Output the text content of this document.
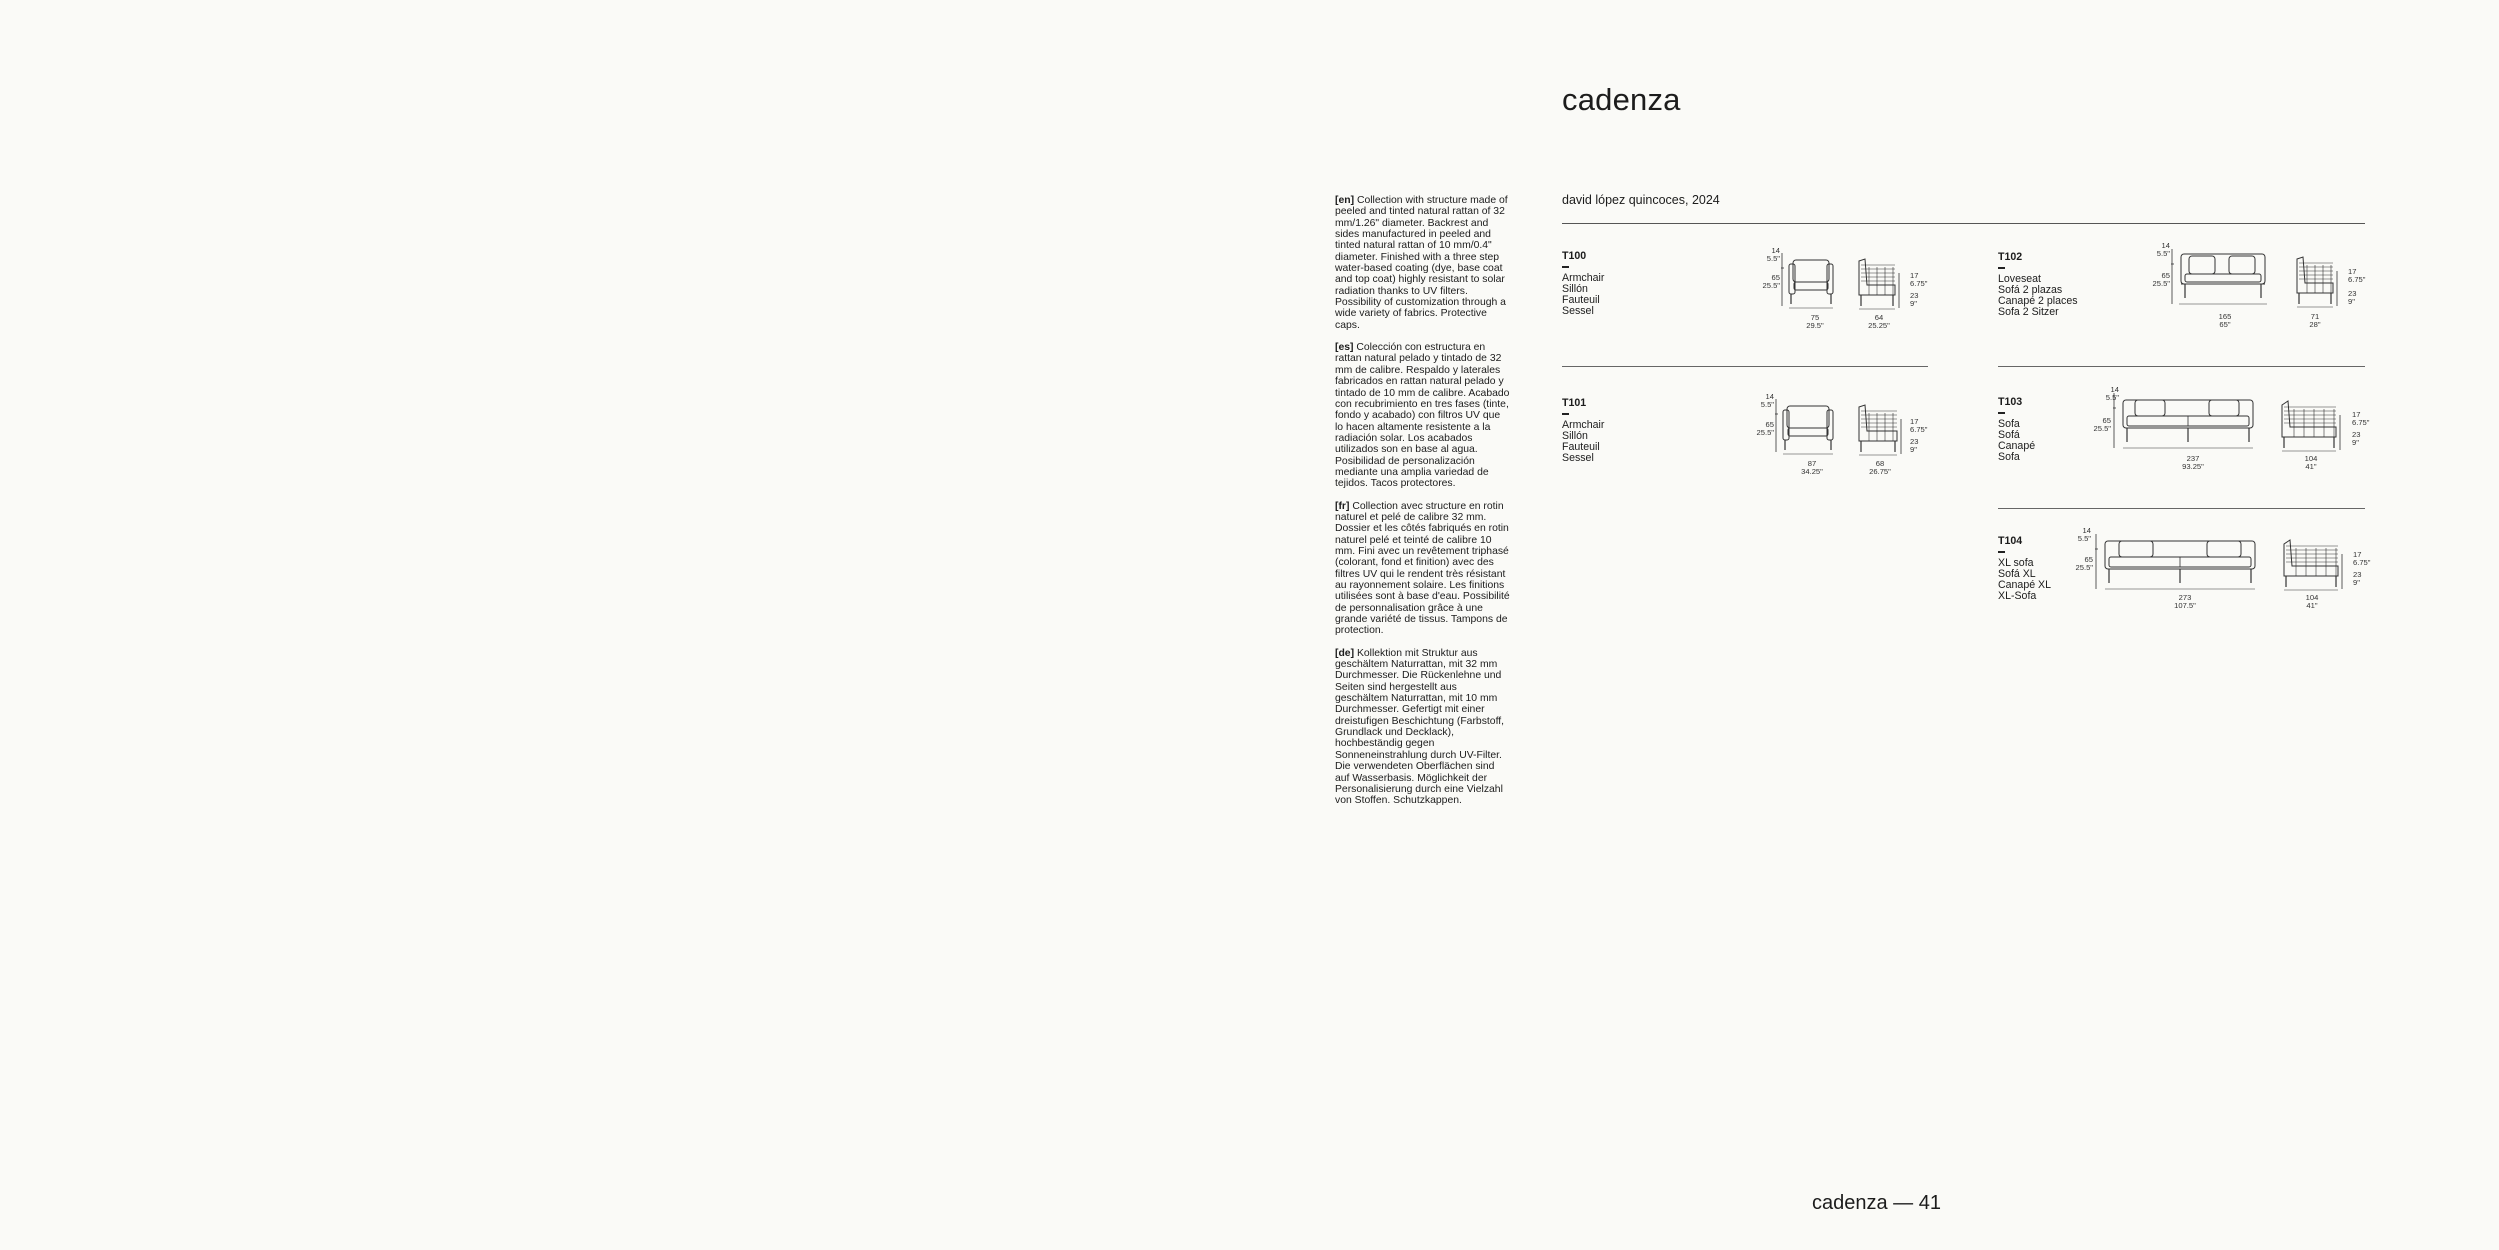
cadenza

david lópez quincoces, 2024

[en] Collection with structure made of peeled and tinted natural rattan of 32 mm/1.26" diameter. Backrest and sides manufactured in peeled and tinted natural rattan of 10 mm/0.4" diameter. Finished with a three step water-based coating (dye, base coat and top coat) highly resistant to solar radiation thanks to UV filters. Possibility of customization through a wide variety of fabrics. Protective caps.

[es] Colección con estructura en rattan natural pelado y tintado de 32 mm de calibre. Respaldo y laterales fabricados en rattan natural pelado y tintado de 10 mm de calibre. Acabado con recubrimiento en tres fases (tinte, fondo y acabado) con filtros UV que lo hacen altamente resistente a la radiación solar. Los acabados utilizados son en base al agua. Posibilidad de personalización mediante una amplia variedad de tejidos. Tacos protectores.

[fr] Collection avec structure en rotin naturel et pelé de calibre 32 mm. Dossier et les côtés fabriqués en rotin naturel pelé et teinté de calibre 10 mm. Fini avec un revêtement triphasé (colorant, fond et finition) avec des filtres UV qui le rendent très résistant au rayonnement solaire. Les finitions utilisées sont à base d'eau. Possibilité de personnalisation grâce à une grande variété de tissus. Tampons de protection.

[de] Kollektion mit Struktur aus geschältem Naturrattan, mit 32 mm Durchmesser. Die Rückenlehne und Seiten sind hergestellt aus geschältem Naturrattan, mit 10 mm Durchmesser. Gefertigt mit einer dreistufigen Beschichtung (Farbstoff, Grundlack und Decklack), hochbeständig gegen Sonneneinstrahlung durch UV-Filter. Die verwendeten Oberflächen sind auf Wasserbasis. Möglichkeit der Personalisierung durch eine Vielzahl von Stoffen. Schutzkappen.

T100

Armchair
Sillón
Fauteuil
Sessel
14
5.5"
65
25.5"
17
6.75"
23
9"
75
29.5"
64
25.25"

T102

Loveseat
Sofá 2 plazas
Canapé 2 places
Sofa 2 Sitzer
14
5.5"
65
25.5"
17
6.75"
23
9"
165
65"
71
28"

T101

Armchair
Sillón
Fauteuil
Sessel
14
5.5"
65
25.5"
17
6.75"
23
9"
87
34.25"
68
26.75"

T103

Sofa
Sofá
Canapé
Sofa
14
5.5"
65
25.5"
17
6.75"
23
9"
237
93.25"
104
41"

T104

XL sofa
Sofá XL
Canapé XL
XL-Sofa
14
5.5"
65
25.5"
17
6.75"
23
9"
273
107.5"
104
41"
cadenza — 41
